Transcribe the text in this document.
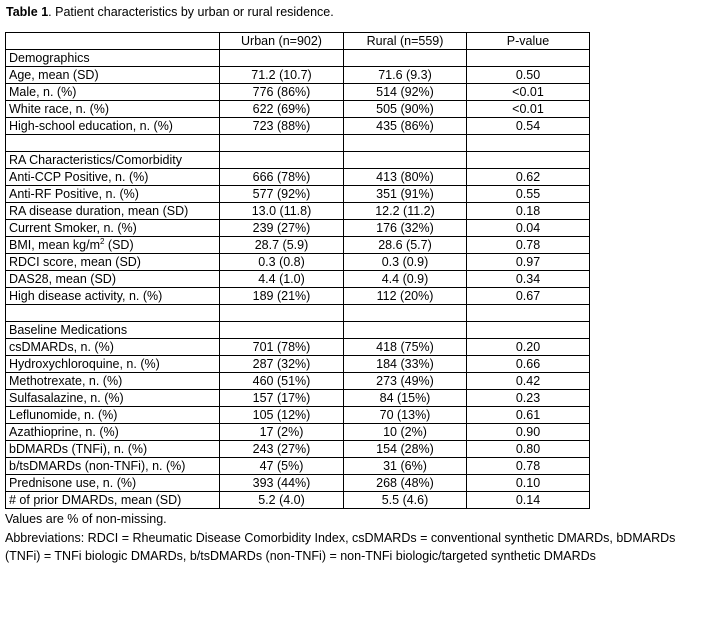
Table 1. Patient characteristics by urban or rural residence.
	Urban (n=902)	Rural (n=559)	P-value
Demographics			
Age, mean (SD)	71.2 (10.7)	71.6 (9.3)	0.50
Male, n. (%)	776 (86%)	514 (92%)	<0.01
White race, n. (%)	622 (69%)	505 (90%)	<0.01
High-school education, n. (%)	723 (88%)	435 (86%)	0.54

RA Characteristics/Comorbidity			
Anti-CCP Positive, n. (%)	666 (78%)	413 (80%)	0.62
Anti-RF Positive, n. (%)	577 (92%)	351 (91%)	0.55
RA disease duration, mean (SD)	13.0 (11.8)	12.2 (11.2)	0.18
Current Smoker, n. (%)	239 (27%)	176 (32%)	0.04
BMI, mean $kg/m^2$ (SD)	28.7 (5.9)	28.6 (5.7)	0.78
RDCI score, mean (SD)	0.3 (0.8)	0.3 (0.9)	0.97
DAS28, mean (SD)	4.4 (1.0)	4.4 (0.9)	0.34
High disease activity, n. (%)	189 (21%)	112 (20%)	0.67

Baseline Medications			
csDMARDs, n. (%)	701 (78%)	418 (75%)	0.20
Hydroxychloroquine, n. (%)	287 (32%)	184 (33%)	0.66
Methotrexate, n. (%)	460 (51%)	273 (49%)	0.42
Sulfasalazine, n. (%)	157 (17%)	84 (15%)	0.23
Leflunomide, n. (%)	105 (12%)	70 (13%)	0.61
Azathioprine, n. (%)	17 (2%)	10 (2%)	0.90
bDMARDs (TNFi), n. (%)	243 (27%)	154 (28%)	0.80
b/tsDMARDs (non-TNFi), n. (%)	47 (5%)	31 (6%)	0.78
Prednisone use, n. (%)	393 (44%)	268 (48%)	0.10
# of prior DMARDs, mean (SD)	5.2 (4.0)	5.5 (4.6)	0.14
Values are % of non-missing.
Abbreviations: RDCI = Rheumatic Disease Comorbidity Index, csDMARDs = conventional synthetic DMARDs, bDMARDs
(TNFi) = TNFi biologic DMARDs, b/tsDMARDs (non-TNFi) = non-TNFi biologic/targeted synthetic DMARDs
